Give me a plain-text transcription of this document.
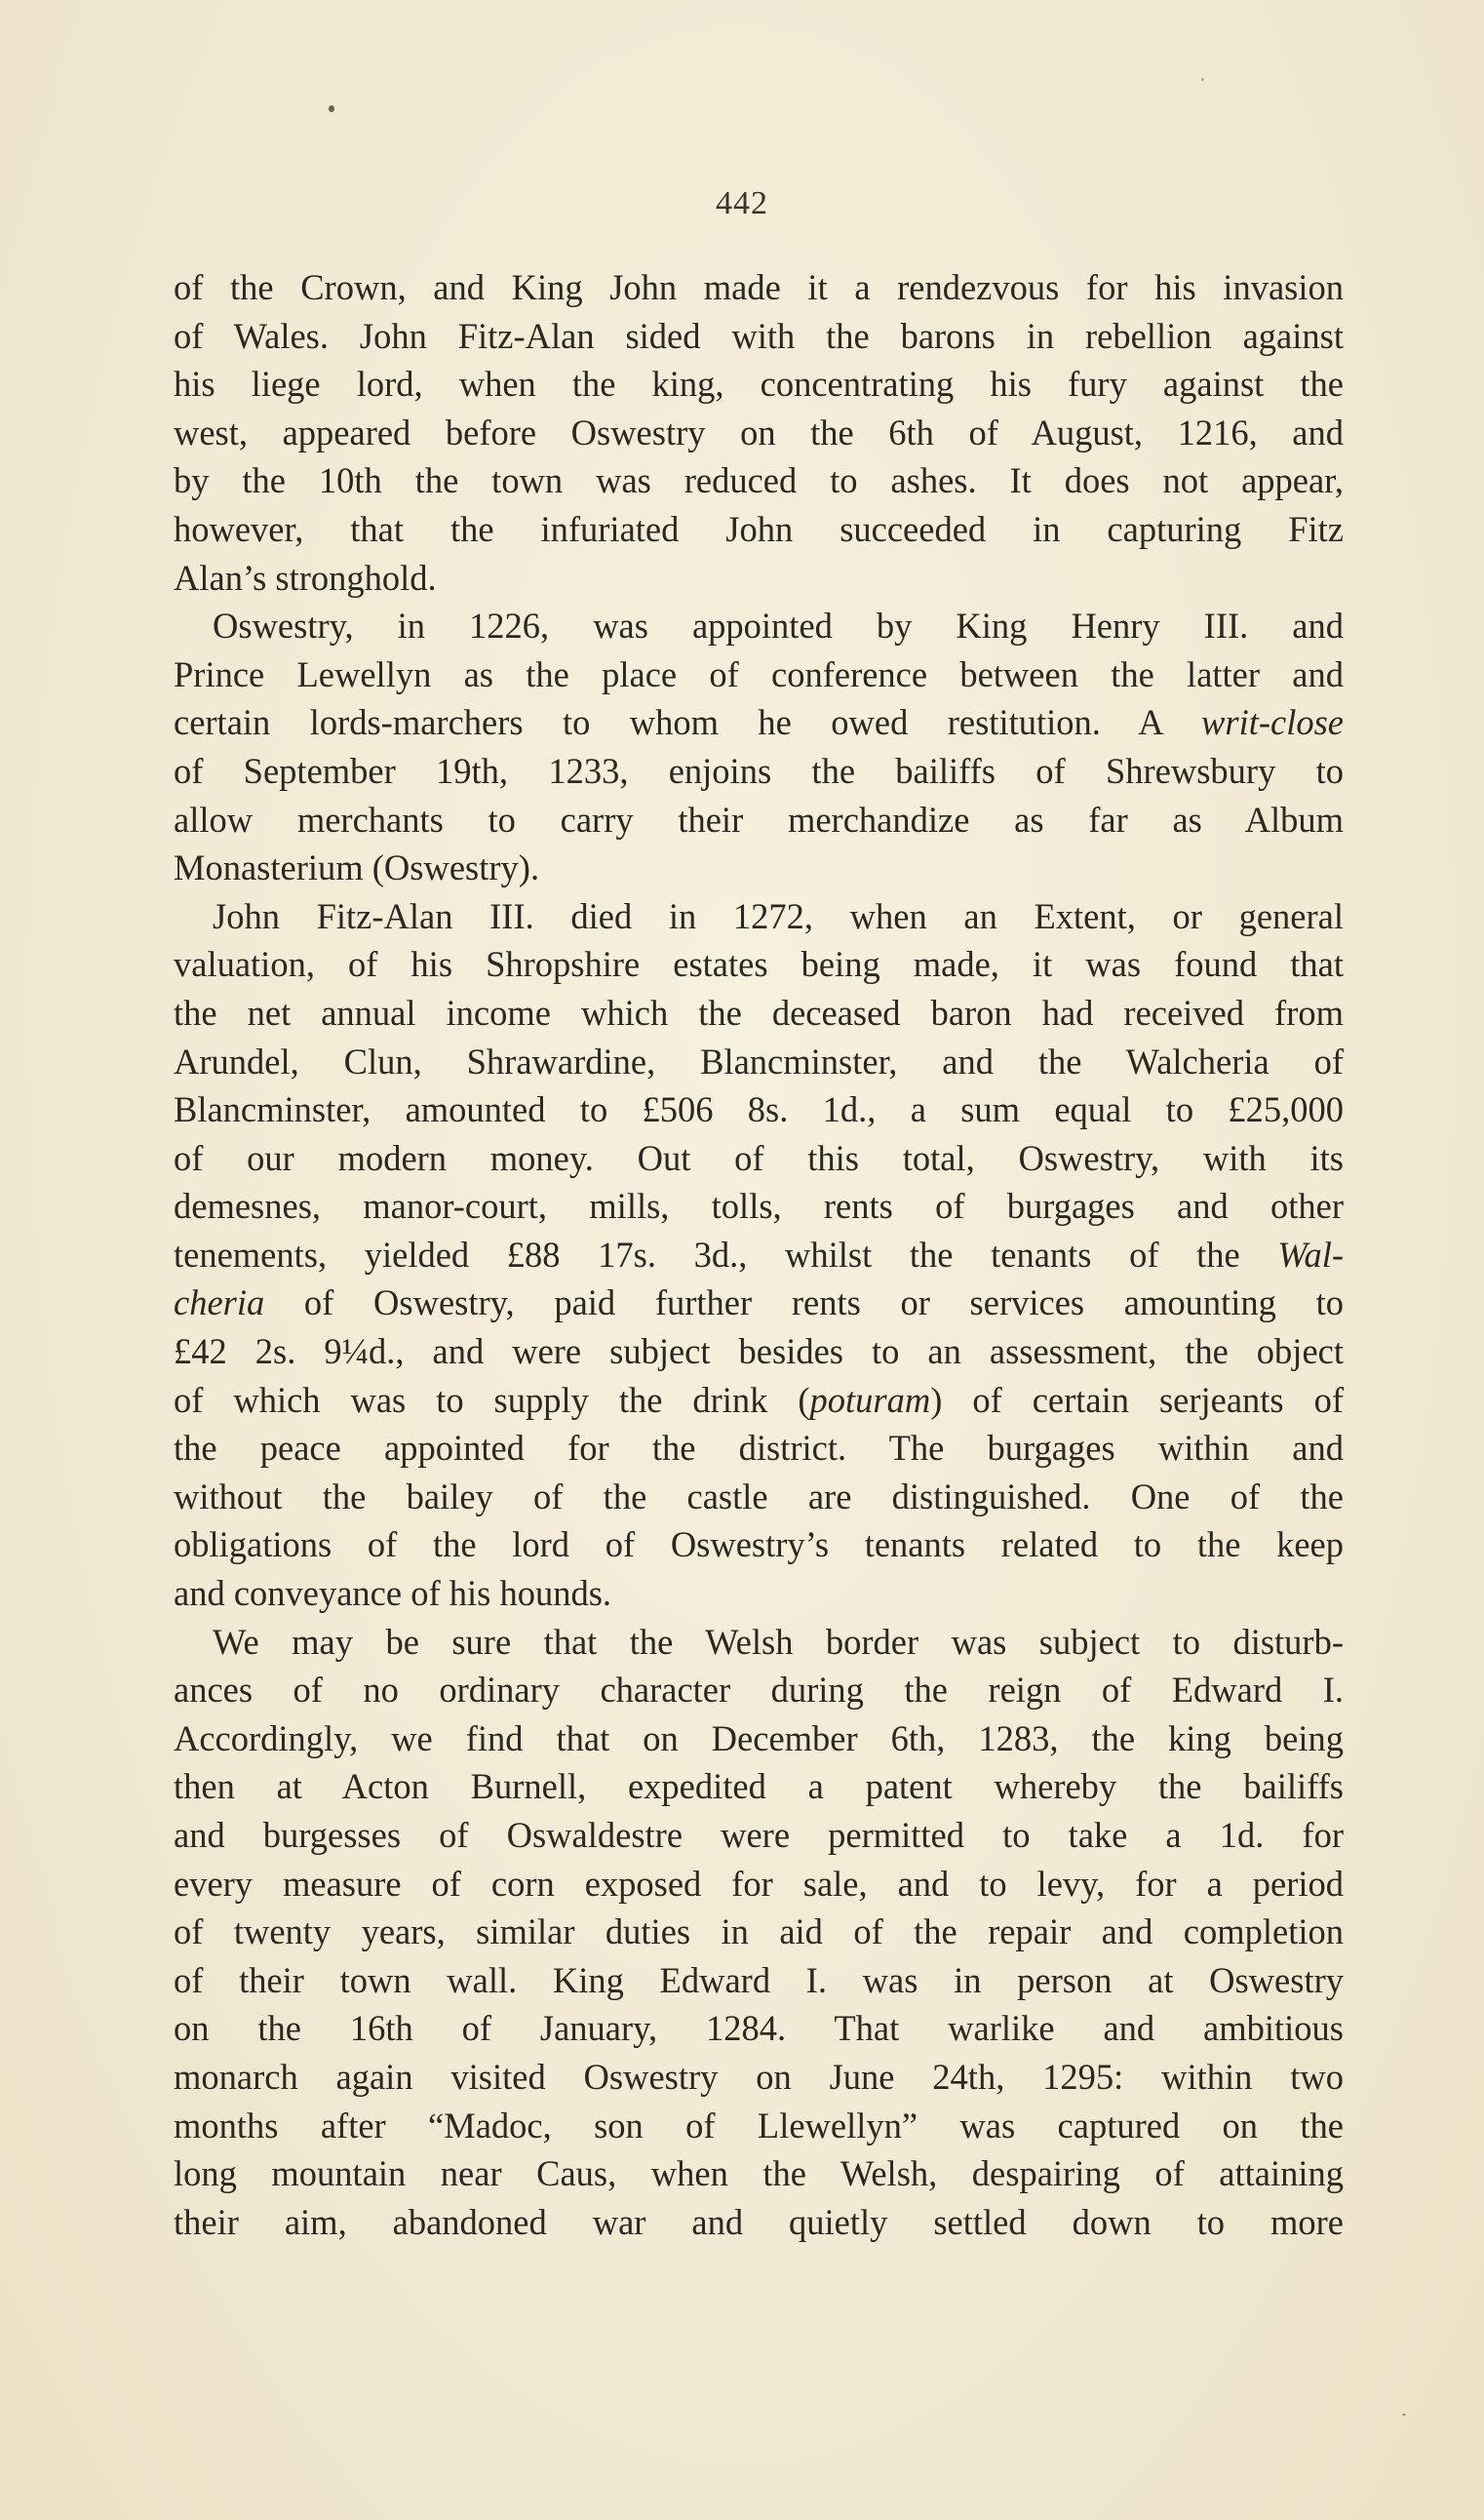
442
of the Crown, and King John made it a rendezvous for his invasion
of Wales. John Fitz-Alan sided with the barons in rebellion against
his liege lord, when the king, concentrating his fury against the
west, appeared before Oswestry on the 6th of August, 1216, and
by the 10th the town was reduced to ashes. It does not appear,
however, that the infuriated John succeeded in capturing Fitz
Alan’s stronghold.
Oswestry, in 1226, was appointed by King Henry III. and
Prince Lewellyn as the place of conference between the latter and
certain lords-marchers to whom he owed restitution. A writ-close
of September 19th, 1233, enjoins the bailiffs of Shrewsbury to
allow merchants to carry their merchandize as far as Album
Monasterium (Oswestry).
John Fitz-Alan III. died in 1272, when an Extent, or general
valuation, of his Shropshire estates being made, it was found that
the net annual income which the deceased baron had received from
Arundel, Clun, Shrawardine, Blancminster, and the Walcheria of
Blancminster, amounted to £506 8s. 1d., a sum equal to £25,000
of our modern money. Out of this total, Oswestry, with its
demesnes, manor-court, mills, tolls, rents of burgages and other
tenements, yielded £88 17s. 3d., whilst the tenants of the Wal-
cheria of Oswestry, paid further rents or services amounting to
£42 2s. 9¼d., and were subject besides to an assessment, the object
of which was to supply the drink (poturam) of certain serjeants of
the peace appointed for the district. The burgages within and
without the bailey of the castle are distinguished. One of the
obligations of the lord of Oswestry’s tenants related to the keep
and conveyance of his hounds.
We may be sure that the Welsh border was subject to disturb-
ances of no ordinary character during the reign of Edward I.
Accordingly, we find that on December 6th, 1283, the king being
then at Acton Burnell, expedited a patent whereby the bailiffs
and burgesses of Oswaldestre were permitted to take a 1d. for
every measure of corn exposed for sale, and to levy, for a period
of twenty years, similar duties in aid of the repair and completion
of their town wall. King Edward I. was in person at Oswestry
on the 16th of January, 1284. That warlike and ambitious
monarch again visited Oswestry on June 24th, 1295: within two
months after “Madoc, son of Llewellyn” was captured on the
long mountain near Caus, when the Welsh, despairing of attaining
their aim, abandoned war and quietly settled down to more
